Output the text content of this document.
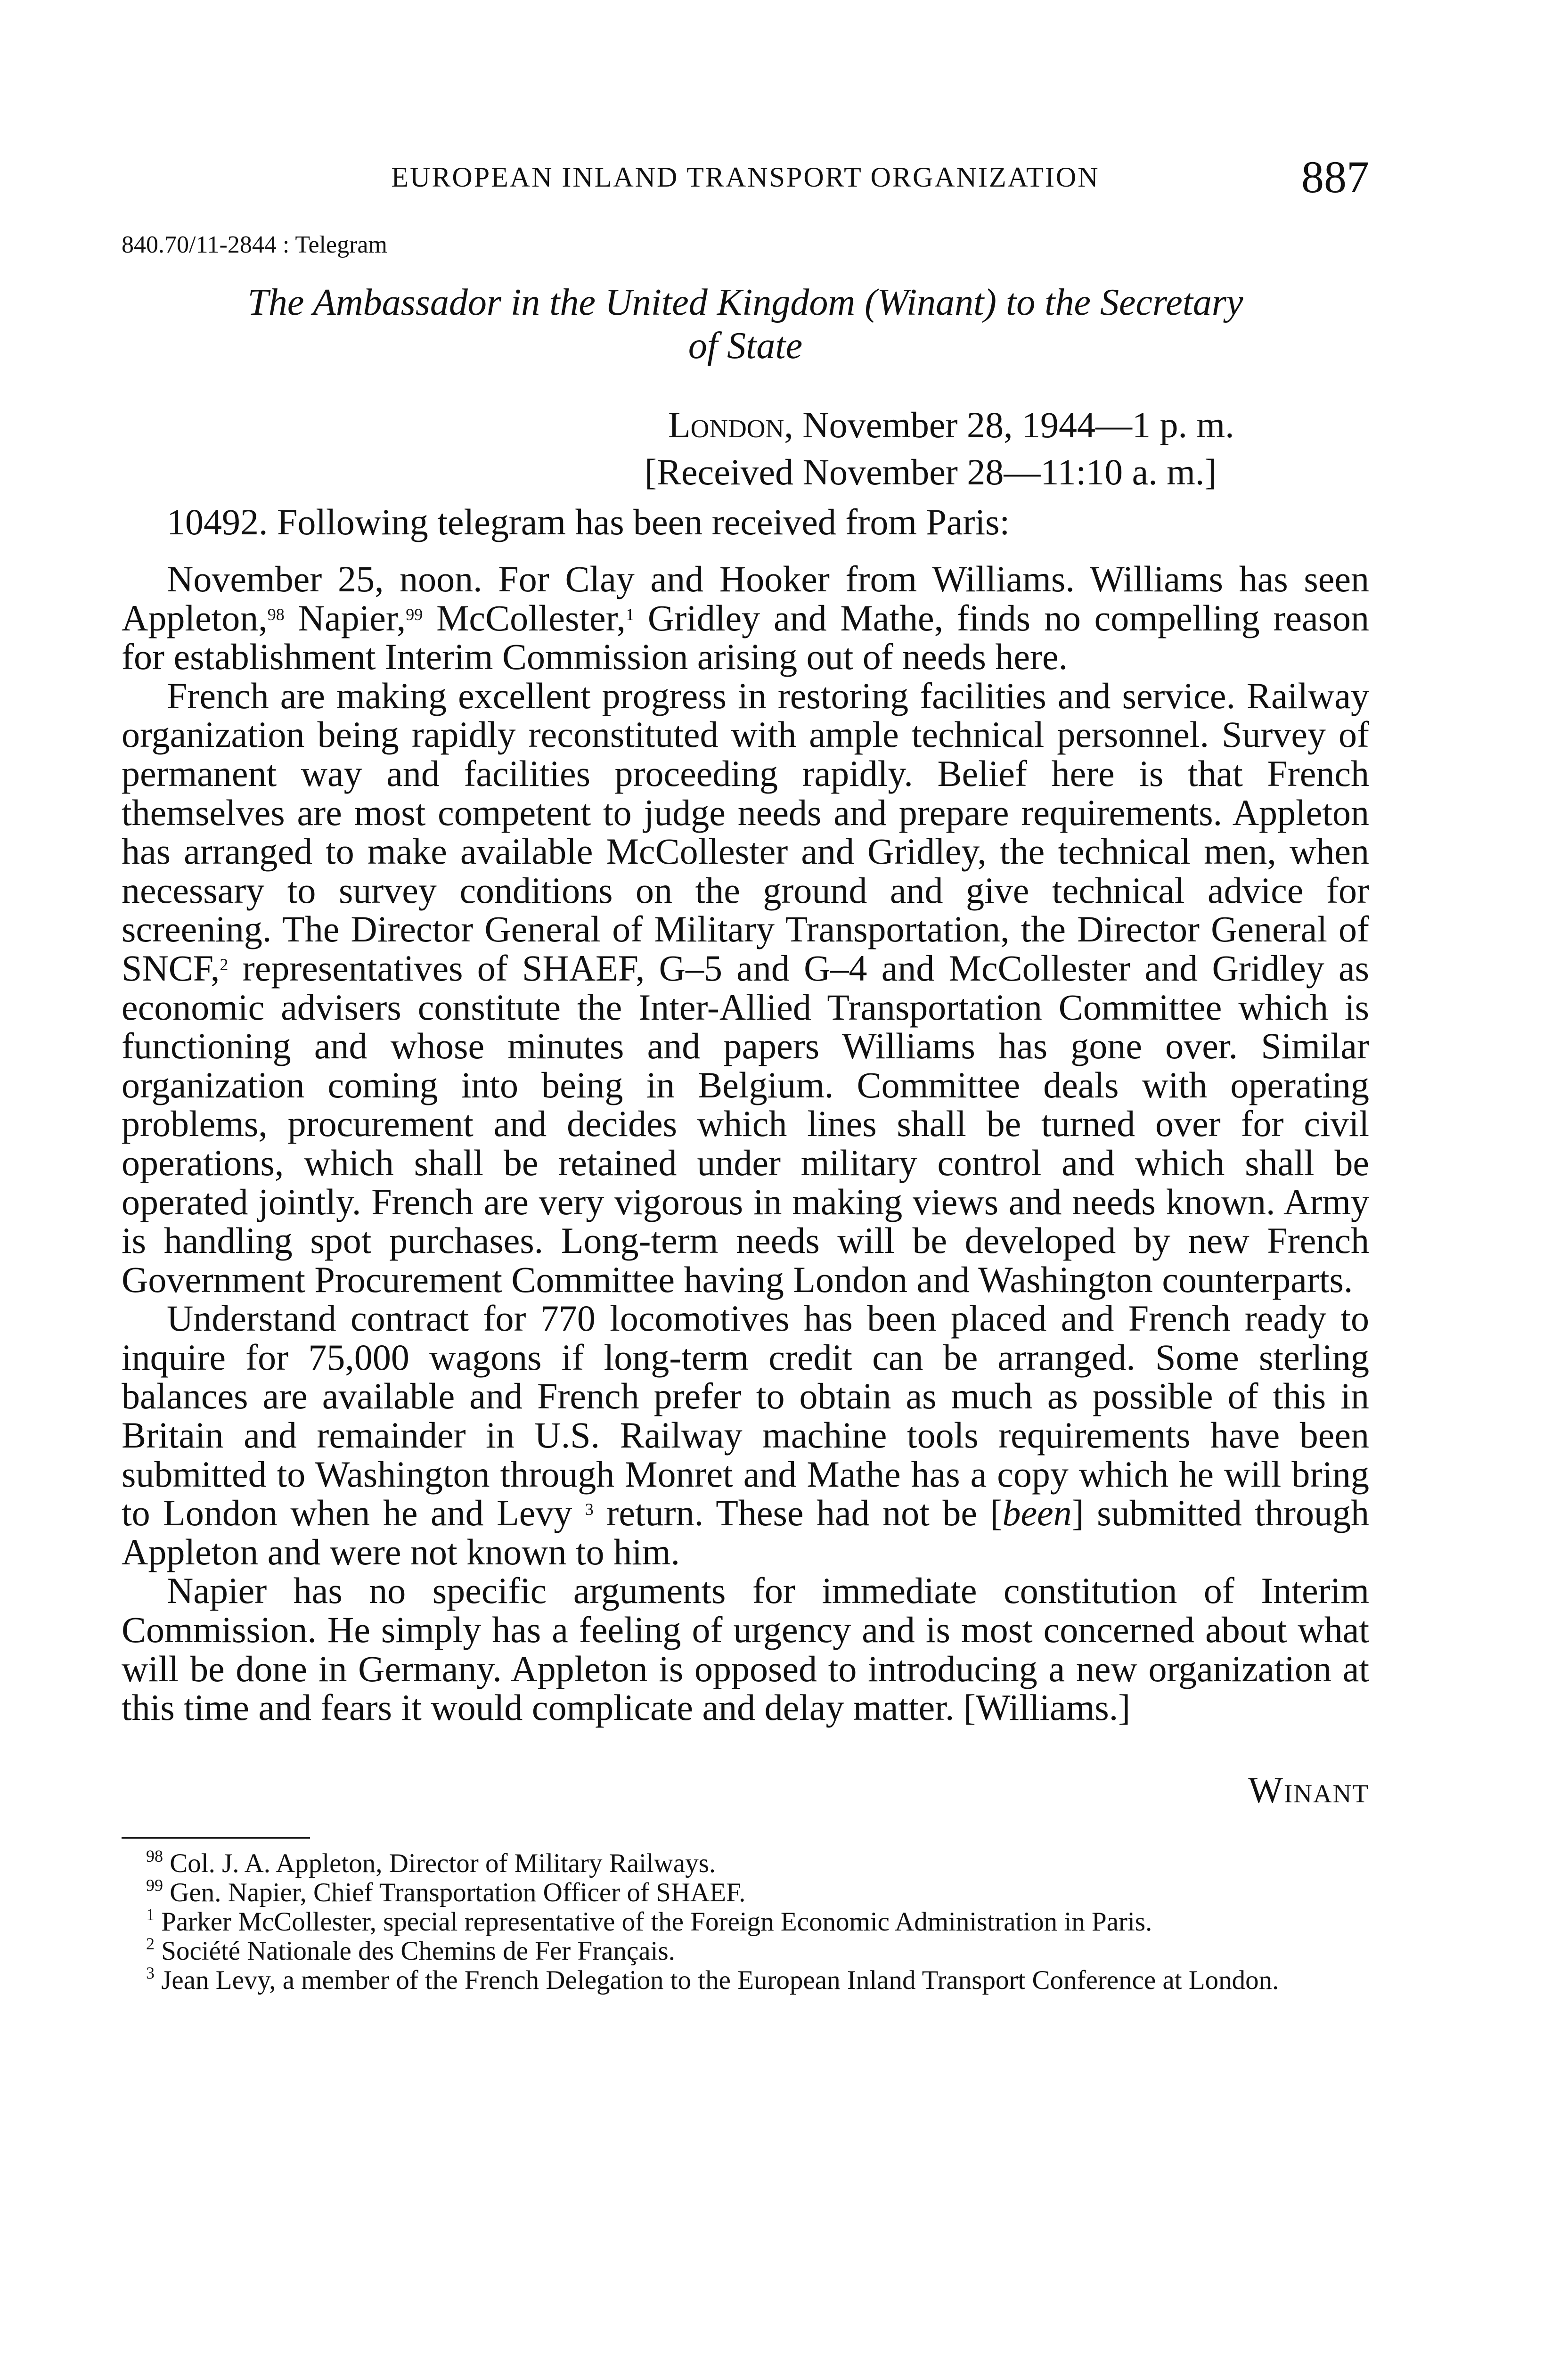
EUROPEAN INLAND TRANSPORT ORGANIZATION	887
840.70/11-2844 : Telegram
The Ambassador in the United Kingdom (Winant) to the Secretary
of State
London, November 28, 1944—1 p. m.
[Received November 28—11:10 a. m.]
10492. Following telegram has been received from Paris:

November 25, noon. For Clay and Hooker from Williams. Williams has seen Appleton,$^{98}$ Napier,$^{99}$ McCollester,$^1$ Gridley and Mathe, finds no compelling reason for establishment Interim Commission arising out of needs here.

French are making excellent progress in restoring facilities and service. Railway organization being rapidly reconstituted with ample technical personnel. Survey of permanent way and facilities proceeding rapidly. Belief here is that French themselves are most competent to judge needs and prepare requirements. Appleton has arranged to make available McCollester and Gridley, the technical men, when necessary to survey conditions on the ground and give technical advice for screening. The Director General of Military Transportation, the Director General of SNCF,$^2$ representatives of SHAEF, G–5 and G–4 and McCollester and Gridley as economic advisers constitute the Inter-Allied Transportation Committee which is functioning and whose minutes and papers Williams has gone over. Similar organization coming into being in Belgium. Committee deals with operating problems, procurement and decides which lines shall be turned over for civil operations, which shall be retained under military control and which shall be operated jointly. French are very vigorous in making views and needs known. Army is handling spot purchases. Long-term needs will be developed by new French Government Procurement Committee having London and Washington counterparts.

Understand contract for 770 locomotives has been placed and French ready to inquire for 75,000 wagons if long-term credit can be arranged. Some sterling balances are available and French prefer to obtain as much as possible of this in Britain and remainder in U.S. Railway machine tools requirements have been submitted to Washington through Monret and Mathe has a copy which he will bring to London when he and Levy $^3$ return. These had not be [been] submitted through Appleton and were not known to him.

Napier has no specific arguments for immediate constitution of Interim Commission. He simply has a feeling of urgency and is most concerned about what will be done in Germany. Appleton is opposed to introducing a new organization at this time and fears it would complicate and delay matter. [Williams.]

Winant

$^{98}$ Col. J. A. Appleton, Director of Military Railways.

$^{99}$ Gen. Napier, Chief Transportation Officer of SHAEF.

$^1$ Parker McCollester, special representative of the Foreign Economic Administration in Paris.

$^2$ Société Nationale des Chemins de Fer Français.

$^3$ Jean Levy, a member of the French Delegation to the European Inland Transport Conference at London.
